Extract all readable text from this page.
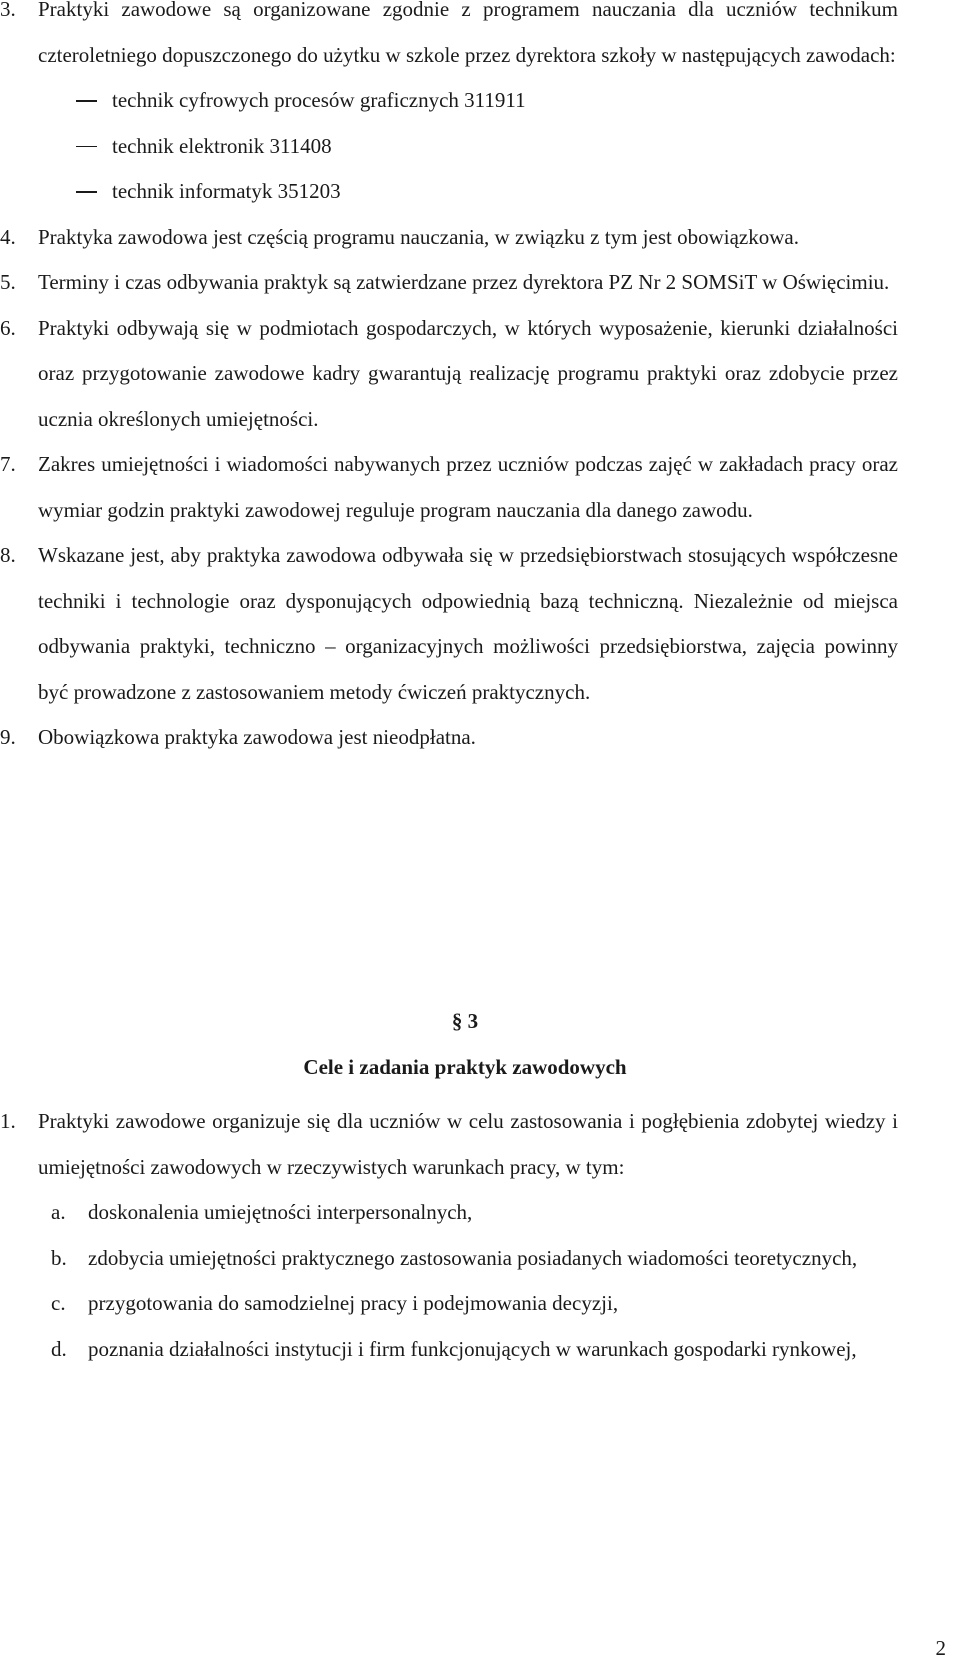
3. Praktyki zawodowe są organizowane zgodnie z programem nauczania dla uczniów technikum czteroletniego dopuszczonego do użytku w szkole przez dyrektora szkoły w następujących zawodach:
technik cyfrowych procesów graficznych 311911
technik elektronik 311408
technik informatyk 351203
4. Praktyka zawodowa jest częścią programu nauczania, w związku z tym jest obowiązkowa.
5. Terminy i czas odbywania praktyk są zatwierdzane przez dyrektora PZ Nr 2 SOMSiT w Oświęcimiu.
6. Praktyki odbywają się w podmiotach gospodarczych, w których wyposażenie, kierunki działalności oraz przygotowanie zawodowe kadry gwarantują realizację programu praktyki oraz zdobycie przez ucznia określonych umiejętności.
7. Zakres umiejętności i wiadomości nabywanych przez uczniów podczas zajęć w zakładach pracy oraz wymiar godzin praktyki zawodowej reguluje program nauczania dla danego zawodu.
8. Wskazane jest, aby praktyka zawodowa odbywała się w przedsiębiorstwach stosujących współczesne techniki i technologie oraz dysponujących odpowiednią bazą techniczną. Niezależnie od miejsca odbywania praktyki, techniczno – organizacyjnych możliwości przedsiębiorstwa, zajęcia powinny być prowadzone z zastosowaniem metody ćwiczeń praktycznych.
9. Obowiązkowa praktyka zawodowa jest nieodpłatna.
§ 3
Cele i zadania praktyk zawodowych
1. Praktyki zawodowe organizuje się dla uczniów w celu zastosowania i pogłębienia zdobytej wiedzy i umiejętności zawodowych w rzeczywistych warunkach pracy, w tym:
a. doskonalenia umiejętności interpersonalnych,
b. zdobycia umiejętności praktycznego zastosowania posiadanych wiadomości teoretycznych,
c. przygotowania do samodzielnej pracy i podejmowania decyzji,
d. poznania działalności instytucji i firm funkcjonujących w warunkach gospodarki rynkowej,
2
